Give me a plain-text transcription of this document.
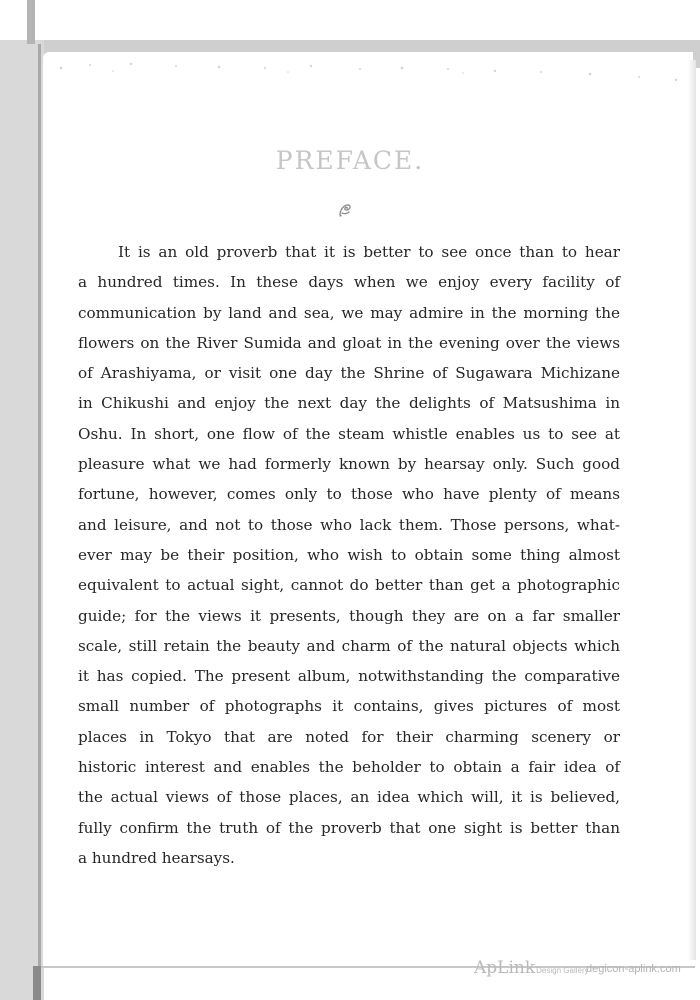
PREFACE.
It is an old proverb that it is better to see once than to hear
a hundred times. In these days when we enjoy every facility of
communication by land and sea, we may admire in the morning the
flowers on the River Sumida and gloat in the evening over the views
of Arashiyama, or visit one day the Shrine of Sugawara Michizane
in Chikushi and enjoy the next day the delights of Matsushima in
Oshu. In short, one flow of the steam whistle enables us to see at
pleasure what we had formerly known by hearsay only. Such good
fortune, however, comes only to those who have plenty of means
and leisure, and not to those who lack them. Those persons, what-
ever may be their position, who wish to obtain some thing almost
equivalent to actual sight, cannot do better than get a photographic
guide; for the views it presents, though they are on a far smaller
scale, still retain the beauty and charm of the natural objects which
it has copied. The present album, notwithstanding the comparative
small number of photographs it contains, gives pictures of most
places in Tokyo that are noted for their charming scenery or
historic interest and enables the beholder to obtain a fair idea of
the actual views of those places, an idea which will, it is believed,
fully confirm the truth of the proverb that one sight is better than
a hundred hearsays.
ApLinkDesign Gallery
degicon-aplink.com
